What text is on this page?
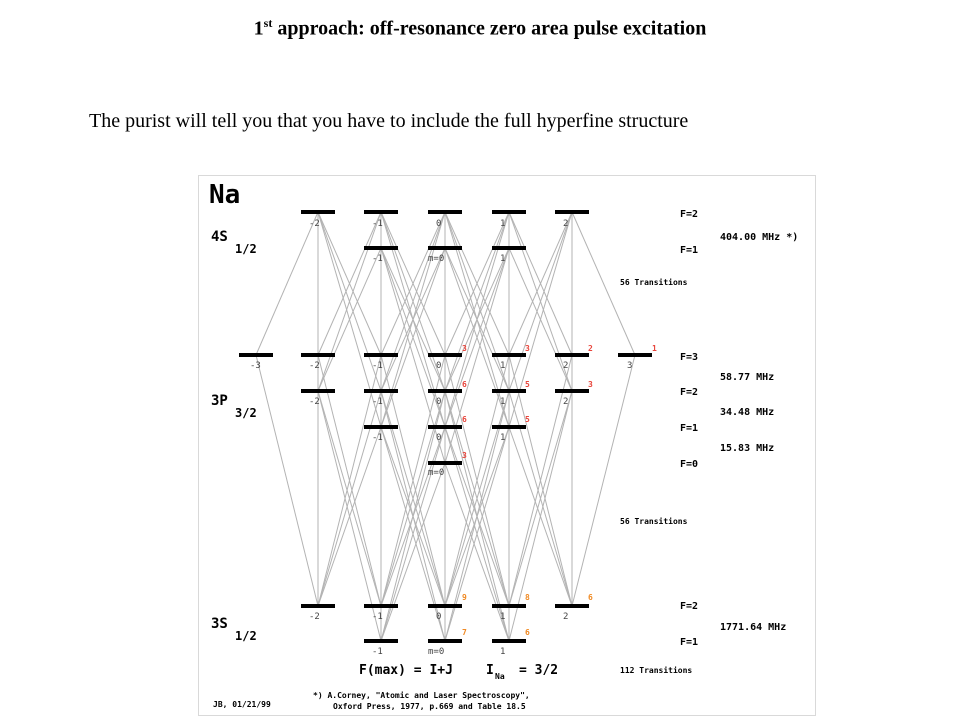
1st approach: off-resonance zero area pulse excitation
The purist will tell you that you have to include the full hyperfine structure
Na
4S
1/2
3P
3/2
3S
1/2
F=2
F=1
F=3
F=2
F=1
F=0
F=2
F=1
404.00 MHz *)
58.77 MHz
34.48 MHz
15.83 MHz
1771.64 MHz
56 Transitions
56 Transitions
112 Transitions
-2	-1	0	1	2
-1	m=0	1
-3	-2	-1	0	1	2	3
-2	-1	0	1	2
-1	0	1
m=0
-2	-1	0	1	2
-1	m=0	1
3	3	2	1
6	5	3
6	5
3
9	8	6
7	6
F(max) = I+J	I Na = 3/2
JB, 01/21/99
*) A.Corney, "Atomic and Laser Spectroscopy",
Oxford Press, 1977, p.669 and Table 18.5
